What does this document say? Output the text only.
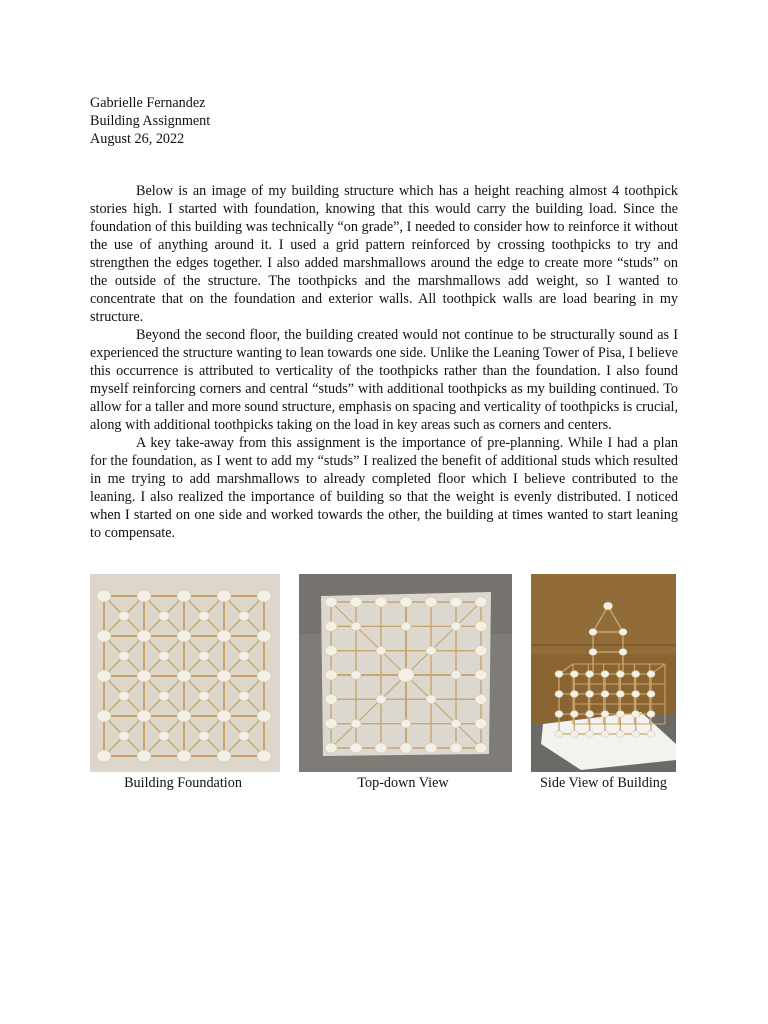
Gabrielle Fernandez
Building Assignment
August 26, 2022

Below is an image of my building structure which has a height reaching almost 4 toothpick stories high. I started with foundation, knowing that this would carry the building load. Since the foundation of this building was technically “on grade”, I needed to consider how to reinforce it without the use of anything around it. I used a grid pattern reinforced by crossing toothpicks to try and strengthen the edges together. I also added marshmallows around the edge to create more “studs” on the outside of the structure. The toothpicks and the marshmallows add weight, so I wanted to concentrate that on the foundation and exterior walls. All toothpick walls are load bearing in my structure.

Beyond the second floor, the building created would not continue to be structurally sound as I experienced the structure wanting to lean towards one side. Unlike the Leaning Tower of Pisa, I believe this occurrence is attributed to verticality of the toothpicks rather than the foundation. I also found myself reinforcing corners and central “studs” with additional toothpicks as my building continued. To allow for a taller and more sound structure, emphasis on spacing and verticality of toothpicks is crucial, along with additional toothpicks taking on the load in key areas such as corners and centers.

A key take-away from this assignment is the importance of pre-planning. While I had a plan for the foundation, as I went to add my “studs” I realized the benefit of additional studs which resulted in me trying to add marshmallows to already completed floor which I believe contributed to the leaning. I also realized the importance of building so that the weight is evenly distributed. I noticed when I started on one side and worked towards the other, the building at times wanted to start leaning to compensate.

Building Foundation	Top-down View	Side View of Building
